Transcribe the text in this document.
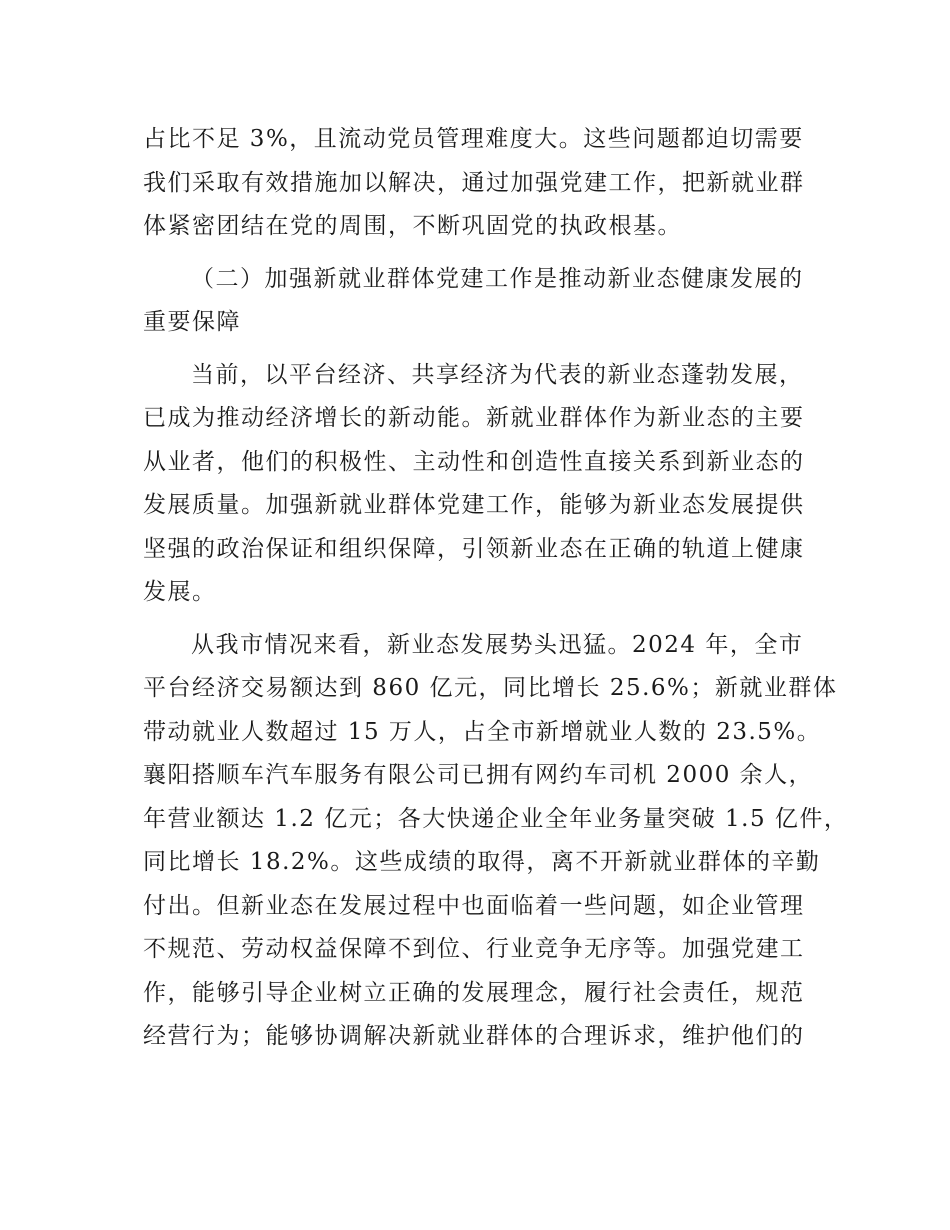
占比不足 3%，且流动党员管理难度大。这些问题都迫切需要
我们采取有效措施加以解决，通过加强党建工作，把新就业群
体紧密团结在党的周围，不断巩固党的执政根基。
（二）加强新就业群体党建工作是推动新业态健康发展的
重要保障
当前，以平台经济、共享经济为代表的新业态蓬勃发展，
已成为推动经济增长的新动能。新就业群体作为新业态的主要
从业者，他们的积极性、主动性和创造性直接关系到新业态的
发展质量。加强新就业群体党建工作，能够为新业态发展提供
坚强的政治保证和组织保障，引领新业态在正确的轨道上健康
发展。
从我市情况来看，新业态发展势头迅猛。2024 年，全市
平台经济交易额达到 860 亿元，同比增长 25.6%；新就业群体
带动就业人数超过 15 万人，占全市新增就业人数的 23.5%。
襄阳搭顺车汽车服务有限公司已拥有网约车司机 2000 余人，
年营业额达 1.2 亿元；各大快递企业全年业务量突破 1.5 亿件，
同比增长 18.2%。这些成绩的取得，离不开新就业群体的辛勤
付出。但新业态在发展过程中也面临着一些问题，如企业管理
不规范、劳动权益保障不到位、行业竞争无序等。加强党建工
作，能够引导企业树立正确的发展理念，履行社会责任，规范
经营行为；能够协调解决新就业群体的合理诉求，维护他们的
